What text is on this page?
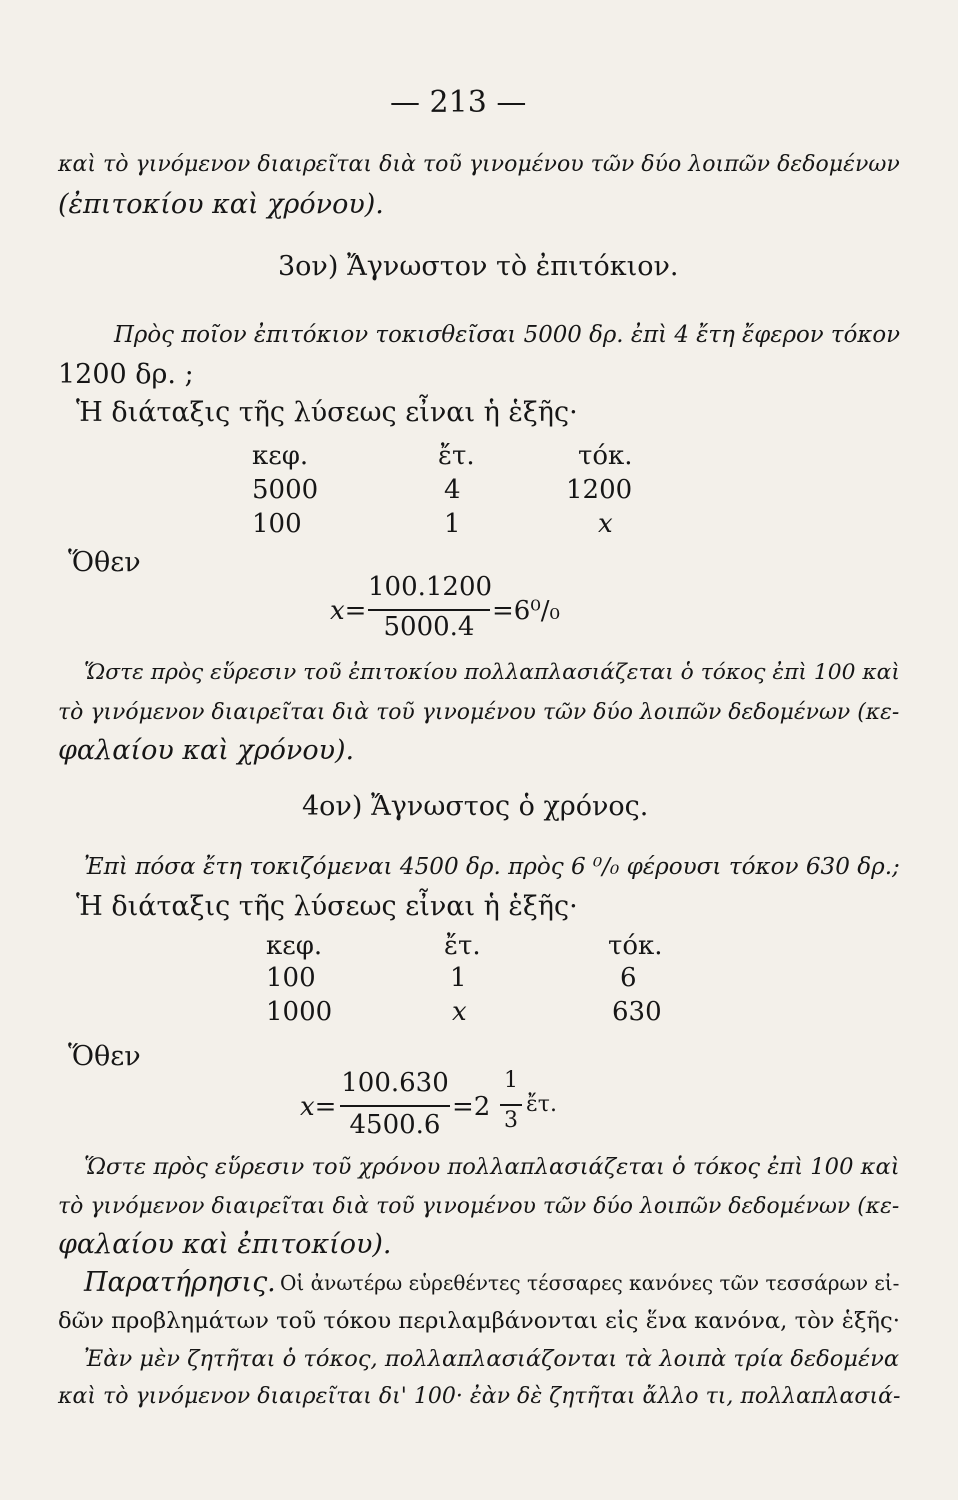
— 213 —
καὶ τὸ γινόμενον διαιρεῖται διὰ τοῦ γινομένου τῶν δύο λοιπῶν δεδομένων
(ἐπιτοκίου καὶ χρόνου).
3ον) Ἄγνωστον τὸ ἐπιτόκιον.
Πρὸς ποῖον ἐπιτόκιον τοκισθεῖσαι 5000 δρ. ἐπὶ 4 ἔτη ἔφερον τόκον
1200 δρ. ;
Ἡ διάταξις τῆς λύσεως εἶναι ἡ ἑξῆς·
κεφ.	ἔτ.	τόκ.
5000	4	1200
100	1	x
Ὅθεν
x=
100.1200
5000.4
=6⁰/₀
Ὥστε πρὸς εὕρεσιν τοῦ ἐπιτοκίου πολλαπλασιάζεται ὁ τόκος ἐπὶ 100 καὶ
τὸ γινόμενον διαιρεῖται διὰ τοῦ γινομένου τῶν δύο λοιπῶν δεδομένων (κε-
φαλαίου καὶ χρόνου).
4ον) Ἄγνωστος ὁ χρόνος.
Ἐπὶ πόσα ἔτη τοκιζόμεναι 4500 δρ. πρὸς 6 ⁰/₀ φέρουσι τόκον 630 δρ.;
Ἡ διάταξις τῆς λύσεως εἶναι ἡ ἑξῆς·
κεφ.	ἔτ.	τόκ.
100	1	6
1000	x	630
Ὅθεν
x=
100.630
4500.6
=2
1
3
ἔτ.
Ὥστε πρὸς εὕρεσιν τοῦ χρόνου πολλαπλασιάζεται ὁ τόκος ἐπὶ 100 καὶ
τὸ γινόμενον διαιρεῖται διὰ τοῦ γινομένου τῶν δύο λοιπῶν δεδομένων (κε-
φαλαίου καὶ ἐπιτοκίου).
Παρατήρησις. Οἱ ἀνωτέρω εὑρεθέντες τέσσαρες κανόνες τῶν τεσσάρων εἰ-
δῶν προβλημάτων τοῦ τόκου περιλαμβάνονται εἰς ἕνα κανόνα, τὸν ἑξῆς·
Ἐὰν μὲν ζητῆται ὁ τόκος, πολλαπλασιάζονται τὰ λοιπὰ τρία δεδομένα
καὶ τὸ γινόμενον διαιρεῖται δι' 100· ἐὰν δὲ ζητῆται ἄλλο τι, πολλαπλασιά-
